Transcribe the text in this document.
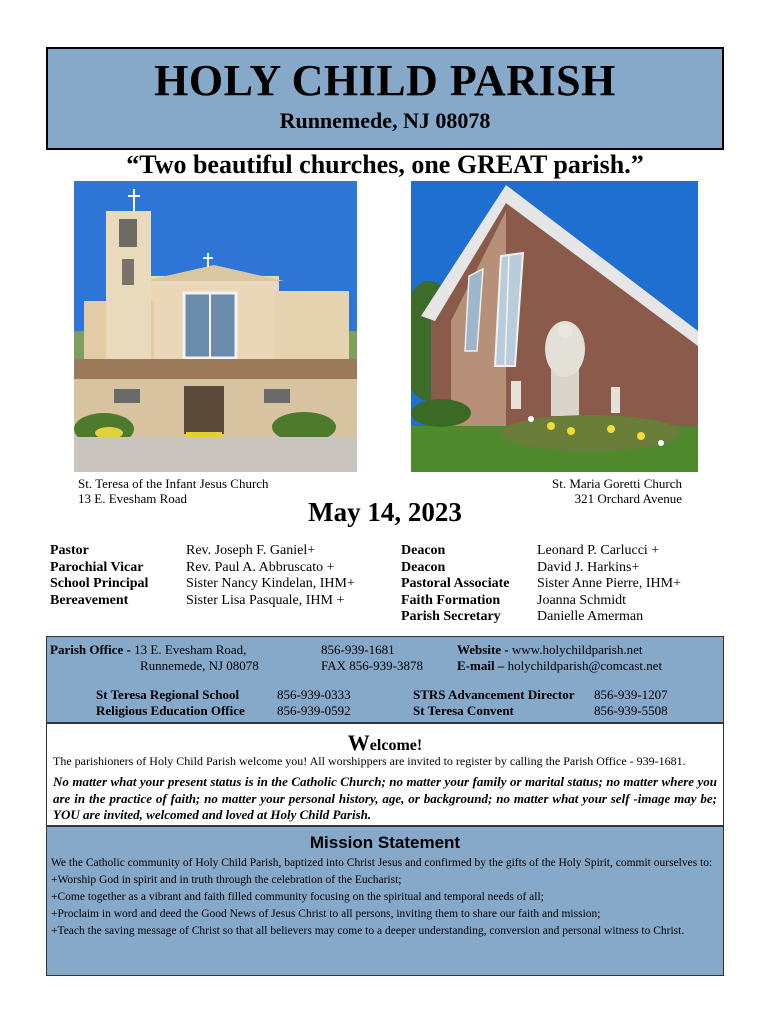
HOLY CHILD PARISH
Runnemede, NJ 08078
“Two beautiful churches, one GREAT parish.”
St. Teresa of the Infant Jesus Church
13 E. Evesham Road
St. Maria Goretti Church
321 Orchard Avenue
May 14, 2023
Pastor
Parochial Vicar
School Principal
Bereavement
Rev. Joseph F. Ganiel+
Rev. Paul A. Abbruscato +
Sister Nancy Kindelan, IHM+
Sister Lisa Pasquale, IHM +
Deacon
Deacon
Pastoral Associate
Faith Formation
Parish Secretary
Leonard P. Carlucci +
David J. Harkins+
Sister Anne Pierre, IHM+
Joanna Schmidt
Danielle Amerman
Parish Office - 13 E. Evesham Road,
Runnemede, NJ 08078
856-939-1681
FAX 856-939-3878
Website - www.holychildparish.net
E-mail – holychildparish@comcast.net
St Teresa Regional School	856-939-0333
Religious Education Office 856-939-0592
STRS Advancement Director 856-939-1207
St Teresa Convent	856-939-5508
Welcome!
The parishioners of Holy Child Parish welcome you! All worshippers are invited to register by calling the Parish Office - 939-1681.
No matter what your present status is in the Catholic Church; no matter your family or marital status; no matter where you are in the practice of faith; no matter your personal history, age, or background; no matter what your self -image may be; YOU are invited, welcomed and loved at Holy Child Parish.
Mission Statement

We the Catholic community of Holy Child Parish, baptized into Christ Jesus and confirmed by the gifts of the Holy Spirit, commit ourselves to:

+Worship God in spirit and in truth through the celebration of the Eucharist;

+Come together as a vibrant and faith filled community focusing on the spiritual and temporal needs of all;

+Proclaim in word and deed the Good News of Jesus Christ to all persons, inviting them to share our faith and mission;

+Teach the saving message of Christ so that all believers may come to a deeper understanding, conversion and personal witness to Christ.
